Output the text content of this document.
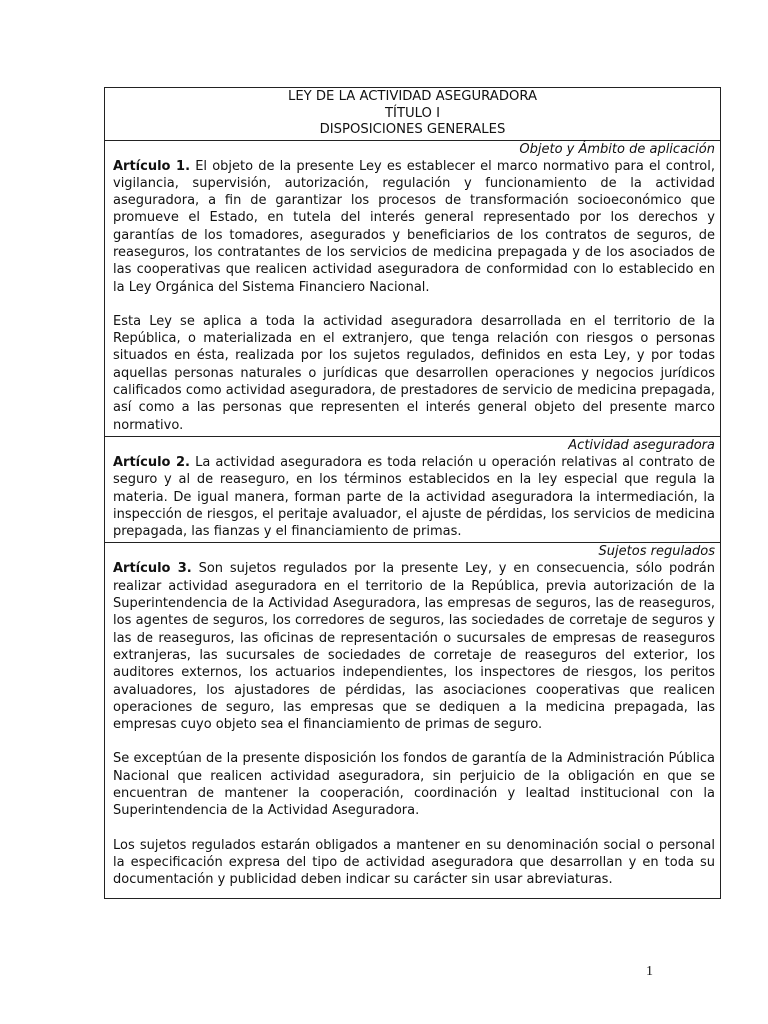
LEY DE LA ACTIVIDAD ASEGURADORA
TÍTULO I
DISPOSICIONES GENERALES
Objeto y Ámbito de aplicación

Artículo 1. El objeto de la presente Ley es establecer el marco normativo para el control, vigilancia, supervisión, autorización, regulación y funcionamiento de la actividad aseguradora, a fin de garantizar los procesos de transformación socioeconómico que promueve el Estado, en tutela del interés general representado por los derechos y garantías de los tomadores, asegurados y beneficiarios de los contratos de seguros, de reaseguros, los contratantes de los servicios de medicina prepagada y de los asociados de las cooperativas que realicen actividad aseguradora de conformidad con lo establecido en la Ley Orgánica del Sistema Financiero Nacional.

Esta Ley se aplica a toda la actividad aseguradora desarrollada en el territorio de la República, o materializada en el extranjero, que tenga relación con riesgos o personas situados en ésta, realizada por los sujetos regulados, definidos en esta Ley, y por todas aquellas personas naturales o jurídicas que desarrollen operaciones y negocios jurídicos calificados como actividad aseguradora, de prestadores de servicio de medicina prepagada, así como a las personas que representen el interés general objeto del presente marco normativo.

Actividad aseguradora

Artículo 2. La actividad aseguradora es toda relación u operación relativas al contrato de seguro y al de reaseguro, en los términos establecidos en la ley especial que regula la materia. De igual manera, forman parte de la actividad aseguradora la intermediación, la inspección de riesgos, el peritaje avaluador, el ajuste de pérdidas, los servicios de medicina prepagada, las fianzas y el financiamiento de primas.

Sujetos regulados

Artículo 3. Son sujetos regulados por la presente Ley, y en consecuencia, sólo podrán realizar actividad aseguradora en el territorio de la República, previa autorización de la Superintendencia de la Actividad Aseguradora, las empresas de seguros, las de reaseguros, los agentes de seguros, los corredores de seguros, las sociedades de corretaje de seguros y las de reaseguros, las oficinas de representación o sucursales de empresas de reaseguros extranjeras, las sucursales de sociedades de corretaje de reaseguros del exterior, los auditores externos, los actuarios independientes, los inspectores de riesgos, los peritos avaluadores, los ajustadores de pérdidas, las asociaciones cooperativas que realicen operaciones de seguro, las empresas que se dediquen a la medicina prepagada, las empresas cuyo objeto sea el financiamiento de primas de seguro.

Se exceptúan de la presente disposición los fondos de garantía de la Administración Pública Nacional que realicen actividad aseguradora, sin perjuicio de la obligación en que se encuentran de mantener la cooperación, coordinación y lealtad institucional con la Superintendencia de la Actividad Aseguradora.

Los sujetos regulados estarán obligados a mantener en su denominación social o personal la especificación expresa del tipo de actividad aseguradora que desarrollan y en toda su documentación y publicidad deben indicar su carácter sin usar abreviaturas.

1
